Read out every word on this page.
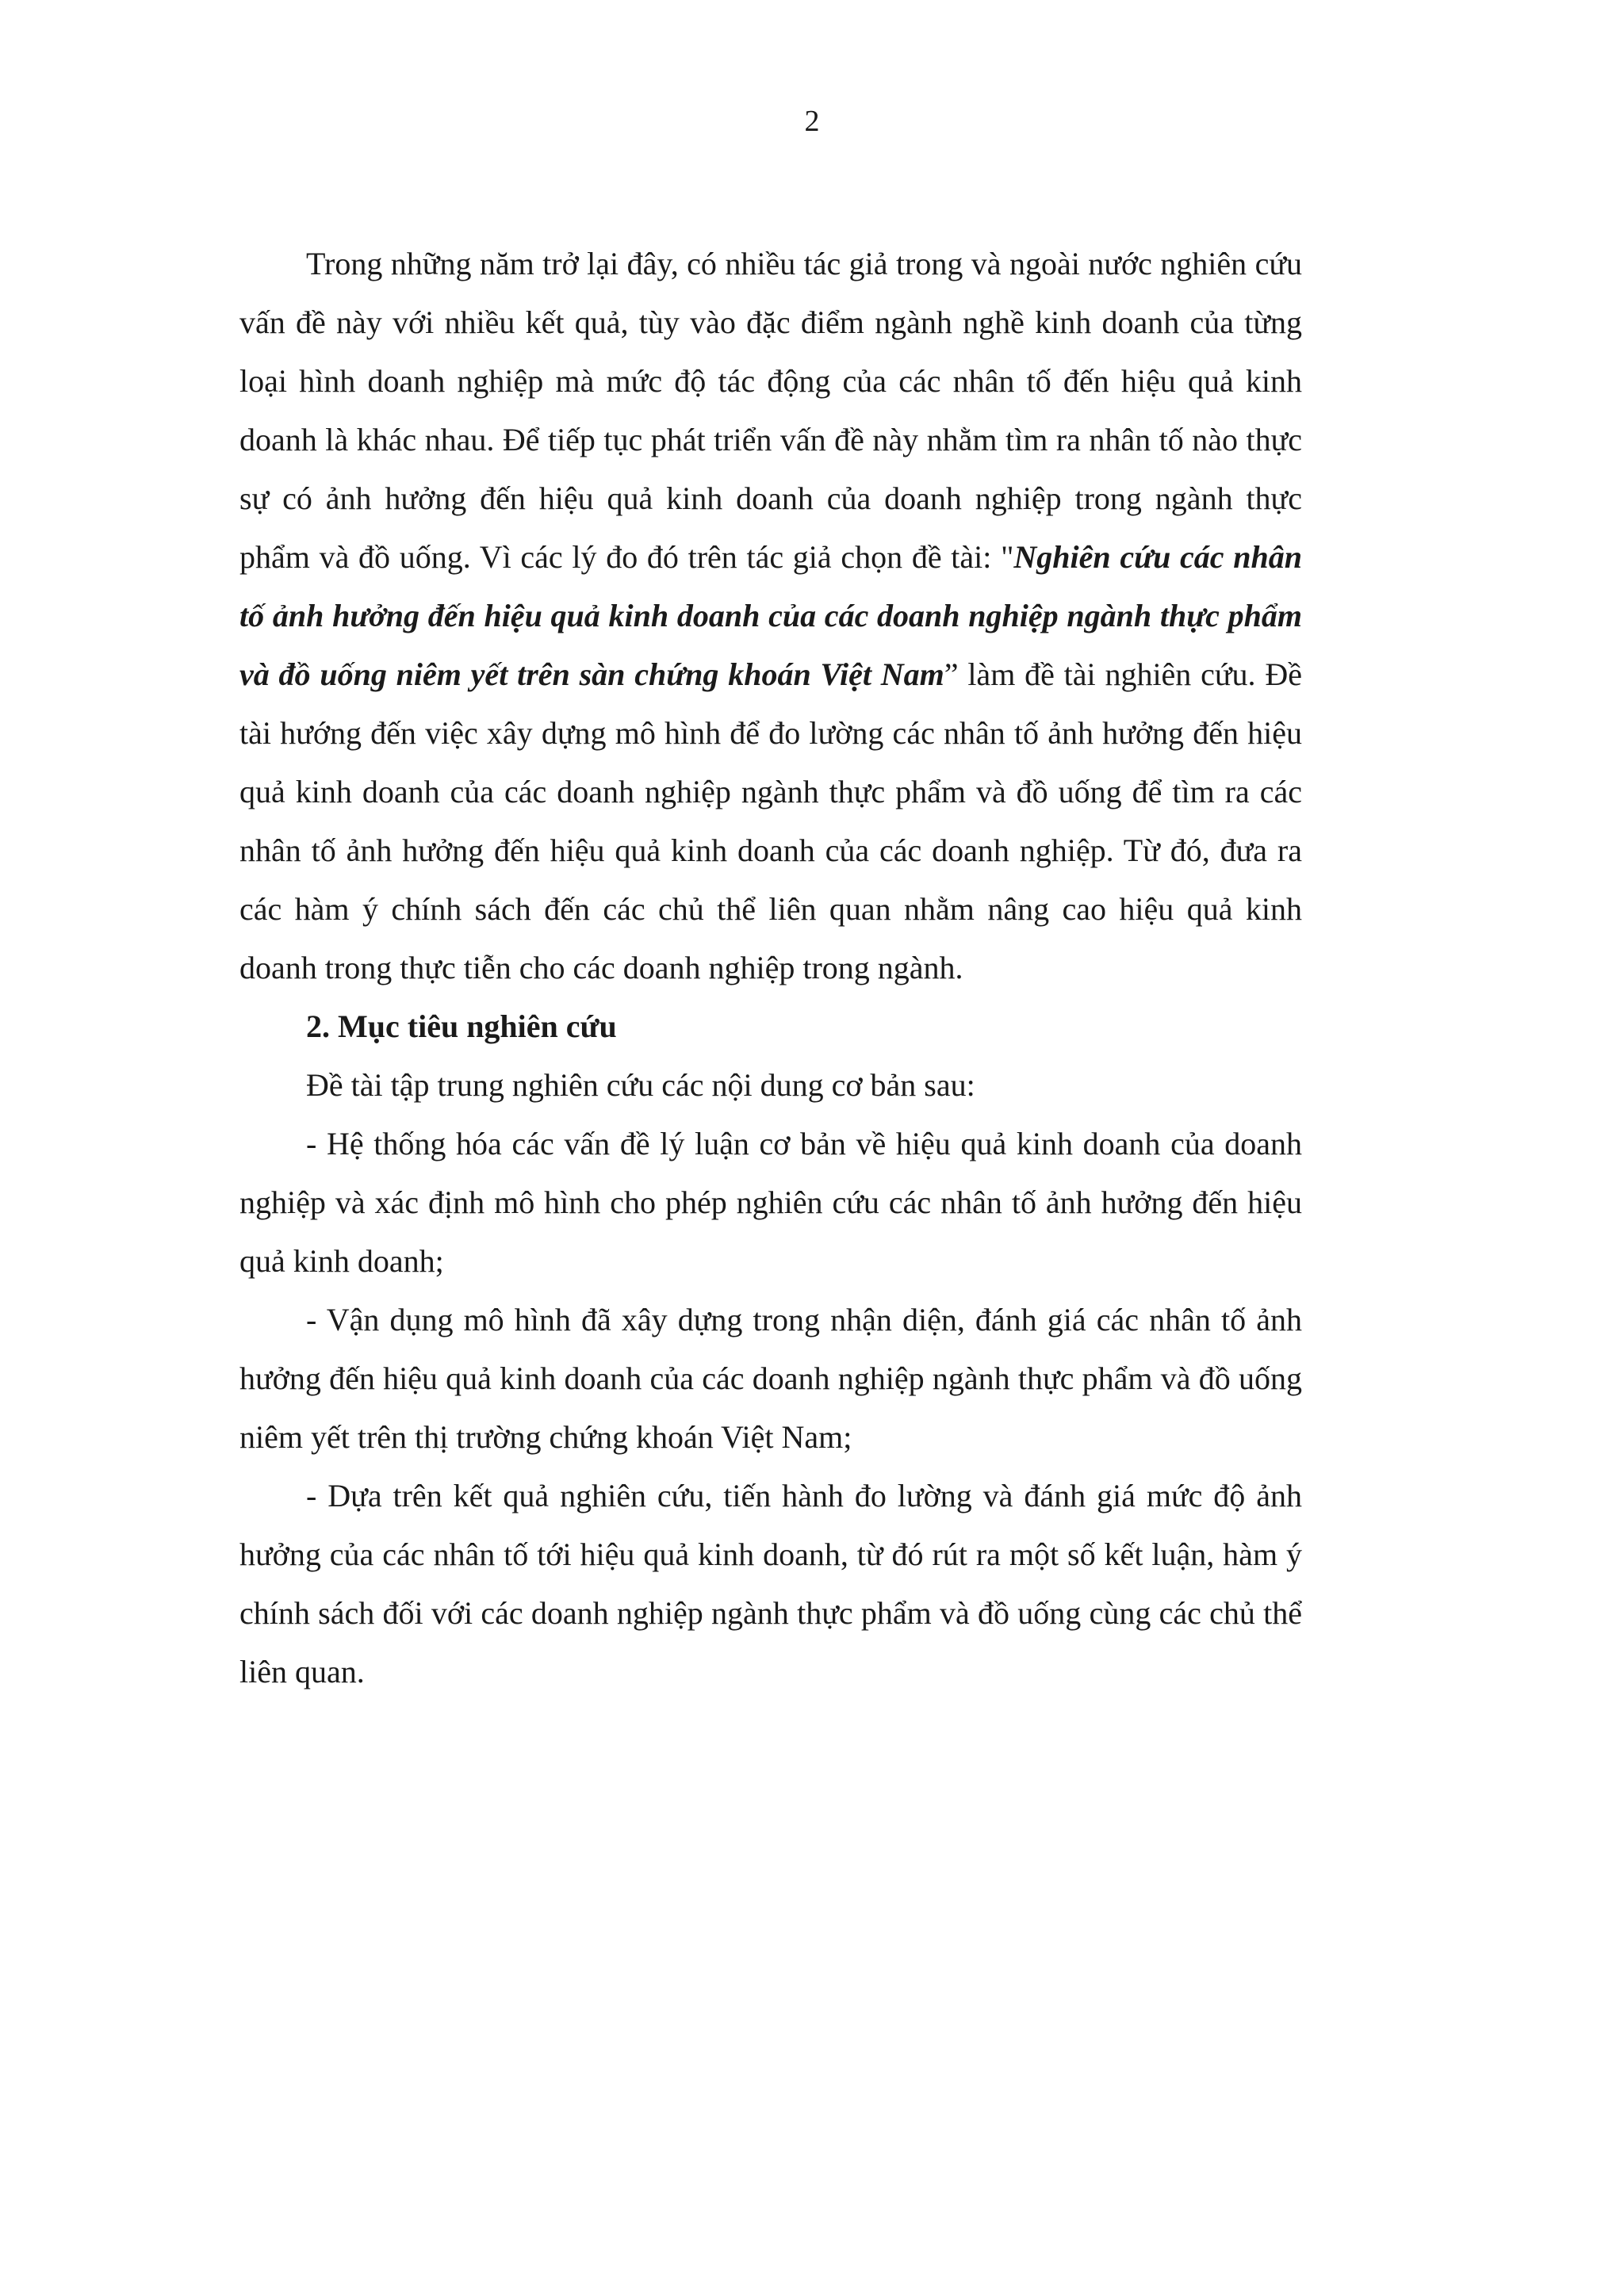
2

Trong những năm trở lại đây, có nhiều tác giả trong và ngoài nước nghiên cứu vấn đề này với nhiều kết quả, tùy vào đặc điểm ngành nghề kinh doanh của từng loại hình doanh nghiệp mà mức độ tác động của các nhân tố đến hiệu quả kinh doanh là khác nhau. Để tiếp tục phát triển vấn đề này nhằm tìm ra nhân tố nào thực sự có ảnh hưởng đến hiệu quả kinh doanh của doanh nghiệp trong ngành thực phẩm và đồ uống. Vì các lý đo đó trên tác giả chọn đề tài: "Nghiên cứu các nhân tố ảnh hưởng đến hiệu quả kinh doanh của các doanh nghiệp ngành thực phẩm và đồ uống niêm yết trên sàn chứng khoán Việt Nam” làm đề tài nghiên cứu. Đề tài hướng đến việc xây dựng mô hình để đo lường các nhân tố ảnh hưởng đến hiệu quả kinh doanh của các doanh nghiệp ngành thực phẩm và đồ uống để tìm ra các nhân tố ảnh hưởng đến hiệu quả kinh doanh của các doanh nghiệp. Từ đó, đưa ra các hàm ý chính sách đến các chủ thể liên quan nhằm nâng cao hiệu quả kinh doanh trong thực tiễn cho các doanh nghiệp trong ngành.

2. Mục tiêu nghiên cứu

Đề tài tập trung nghiên cứu các nội dung cơ bản sau:

- Hệ thống hóa các vấn đề lý luận cơ bản về hiệu quả kinh doanh của doanh nghiệp và xác định mô hình cho phép nghiên cứu các nhân tố ảnh hưởng đến hiệu quả kinh doanh;

- Vận dụng mô hình đã xây dựng trong nhận diện, đánh giá các nhân tố ảnh hưởng đến hiệu quả kinh doanh của các doanh nghiệp ngành thực phẩm và đồ uống niêm yết trên thị trường chứng khoán Việt Nam;

- Dựa trên kết quả nghiên cứu, tiến hành đo lường và đánh giá mức độ ảnh hưởng của các nhân tố tới hiệu quả kinh doanh, từ đó rút ra một số kết luận, hàm ý chính sách đối với các doanh nghiệp ngành thực phẩm và đồ uống cùng các chủ thể liên quan.
